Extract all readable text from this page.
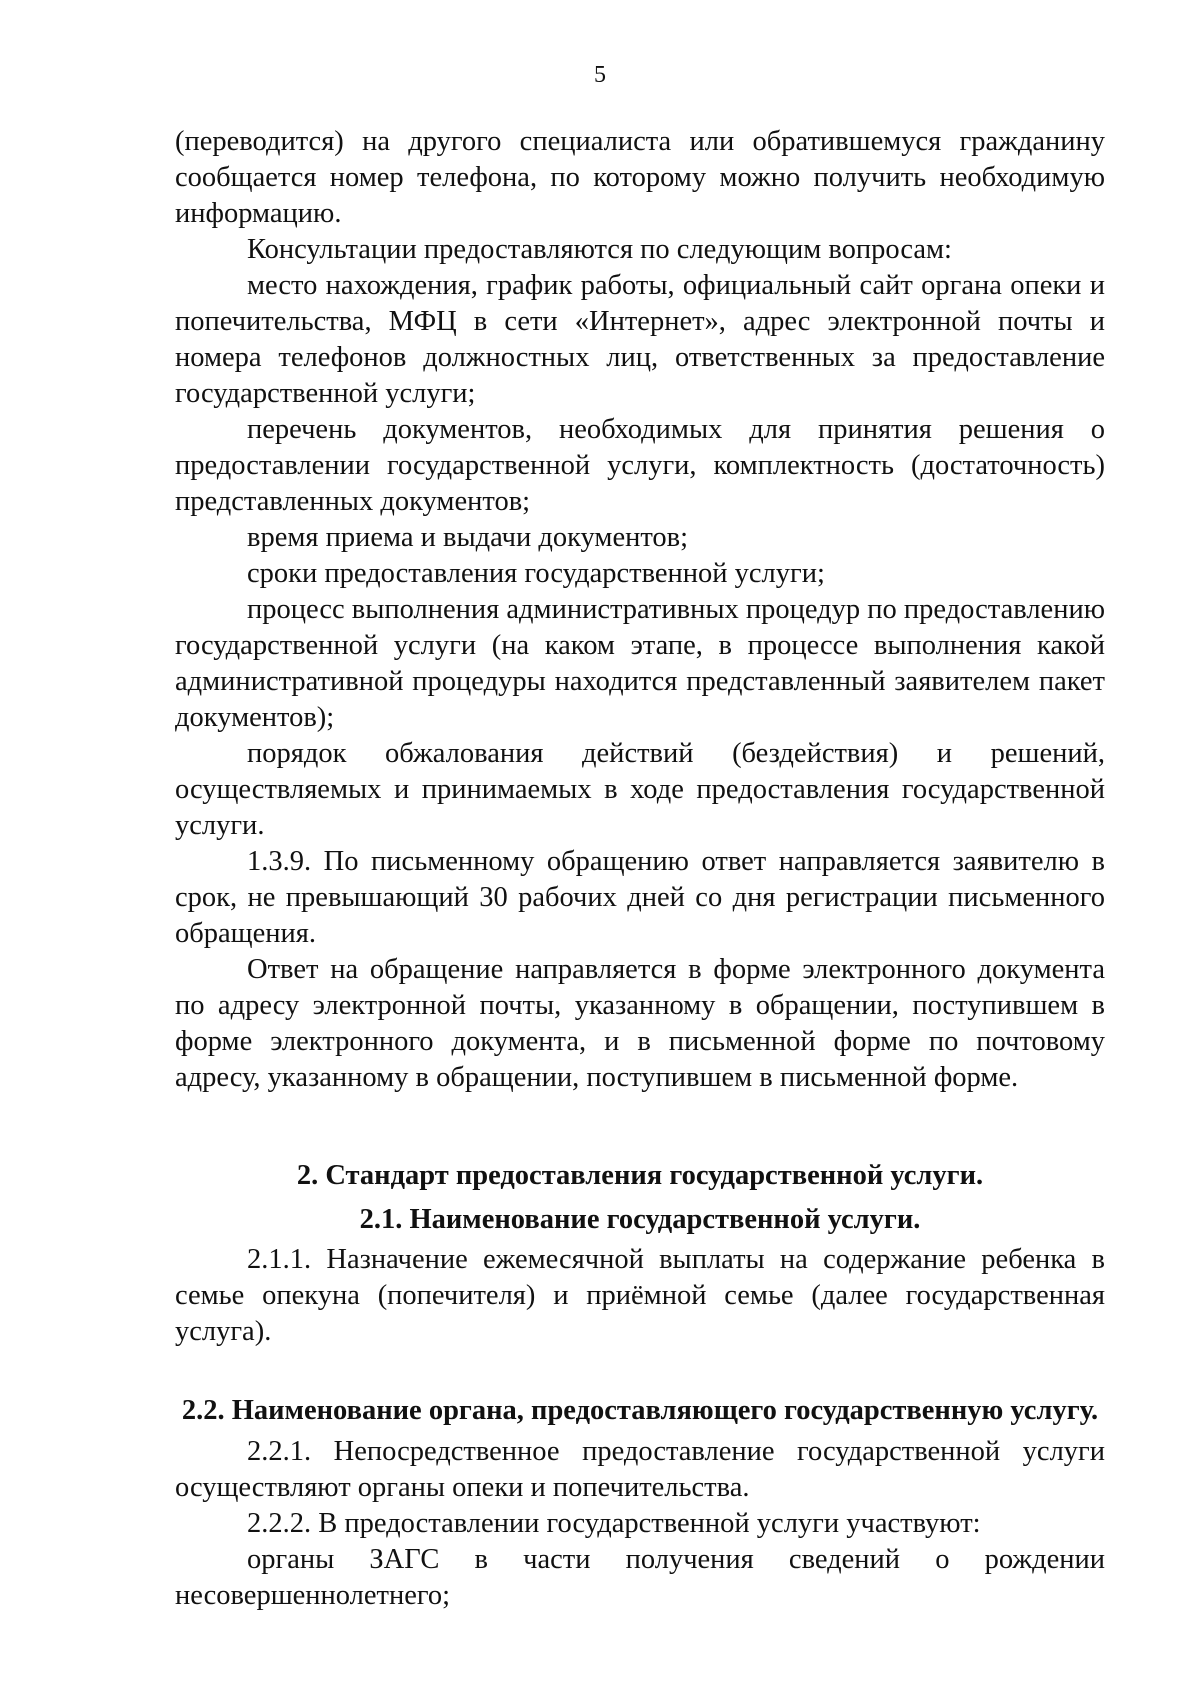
5

(переводится) на другого специалиста или обратившемуся гражданину сообщается номер телефона, по которому можно получить необходимую информацию.

Консультации предоставляются по следующим вопросам:

место нахождения, график работы, официальный сайт органа опеки и попечительства, МФЦ в сети «Интернет», адрес электронной почты и номера телефонов должностных лиц, ответственных за предоставление государственной услуги;

перечень документов, необходимых для принятия решения о предоставлении государственной услуги, комплектность (достаточность) представленных документов;

время приема и выдачи документов;

сроки предоставления государственной услуги;

процесс выполнения административных процедур по предоставлению государственной услуги (на каком этапе, в процессе выполнения какой административной процедуры находится представленный заявителем пакет документов);

порядок обжалования действий (бездействия) и решений, осуществляемых и принимаемых в ходе предоставления государственной услуги.

1.3.9. По письменному обращению ответ направляется заявителю в срок, не превышающий 30 рабочих дней со дня регистрации письменного обращения.

Ответ на обращение направляется в форме электронного документа по адресу электронной почты, указанному в обращении, поступившем в форме электронного документа, и в письменной форме по почтовому адресу, указанному в обращении, поступившем в письменной форме.

2. Стандарт предоставления государственной услуги.

2.1. Наименование государственной услуги.

2.1.1. Назначение ежемесячной выплаты на содержание ребенка в семье опекуна (попечителя) и приёмной семье (далее государственная услуга).

2.2. Наименование органа, предоставляющего государственную услугу.

2.2.1. Непосредственное предоставление государственной услуги осуществляют органы опеки и попечительства.

2.2.2. В предоставлении государственной услуги участвуют:

органы ЗАГС в части получения сведений о рождении несовершеннолетнего;
